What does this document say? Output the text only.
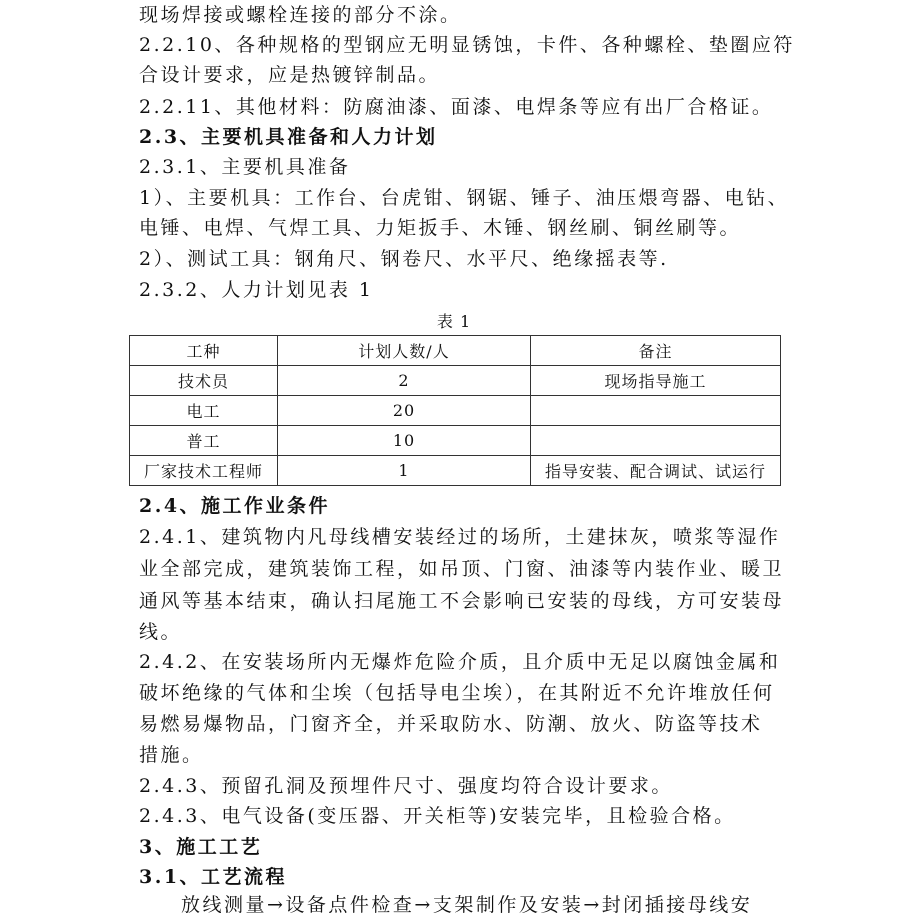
现场焊接或螺栓连接的部分不涂。
2.2.10、各种规格的型钢应无明显锈蚀，卡件、各种螺栓、垫圈应符
合设计要求，应是热镀锌制品。
2.2.11、其他材料：防腐油漆、面漆、电焊条等应有出厂合格证。
2.3、主要机具准备和人力计划
2.3.1、主要机具准备
1）、主要机具：工作台、台虎钳、钢锯、锤子、油压煨弯器、电钻、
电锤、电焊、气焊工具、力矩扳手、木锤、钢丝刷、铜丝刷等。
2）、测试工具：钢角尺、钢卷尺、水平尺、绝缘摇表等.
2.3.2、人力计划见表 1
表 1
工种	计划人数/人	备注
技术员	2	现场指导施工
电工	20	
普工	10	
厂家技术工程师	1	指导安装、配合调试、试运行
2.4、施工作业条件
2.4.1、建筑物内凡母线槽安装经过的场所，土建抹灰，喷浆等湿作
业全部完成，建筑装饰工程，如吊顶、门窗、油漆等内装作业、暖卫
通风等基本结束，确认扫尾施工不会影响已安装的母线，方可安装母
线。
2.4.2、在安装场所内无爆炸危险介质，且介质中无足以腐蚀金属和
破坏绝缘的气体和尘埃（包括导电尘埃），在其附近不允许堆放任何
易燃易爆物品，门窗齐全，并采取防水、防潮、放火、防盗等技术
措施。
2.4.3、预留孔洞及预埋件尺寸、强度均符合设计要求。
2.4.3、电气设备(变压器、开关柜等)安装完毕，且检验合格。
3、施工工艺
3.1、工艺流程
放线测量→设备点件检查→支架制作及安装→封闭插接母线安
